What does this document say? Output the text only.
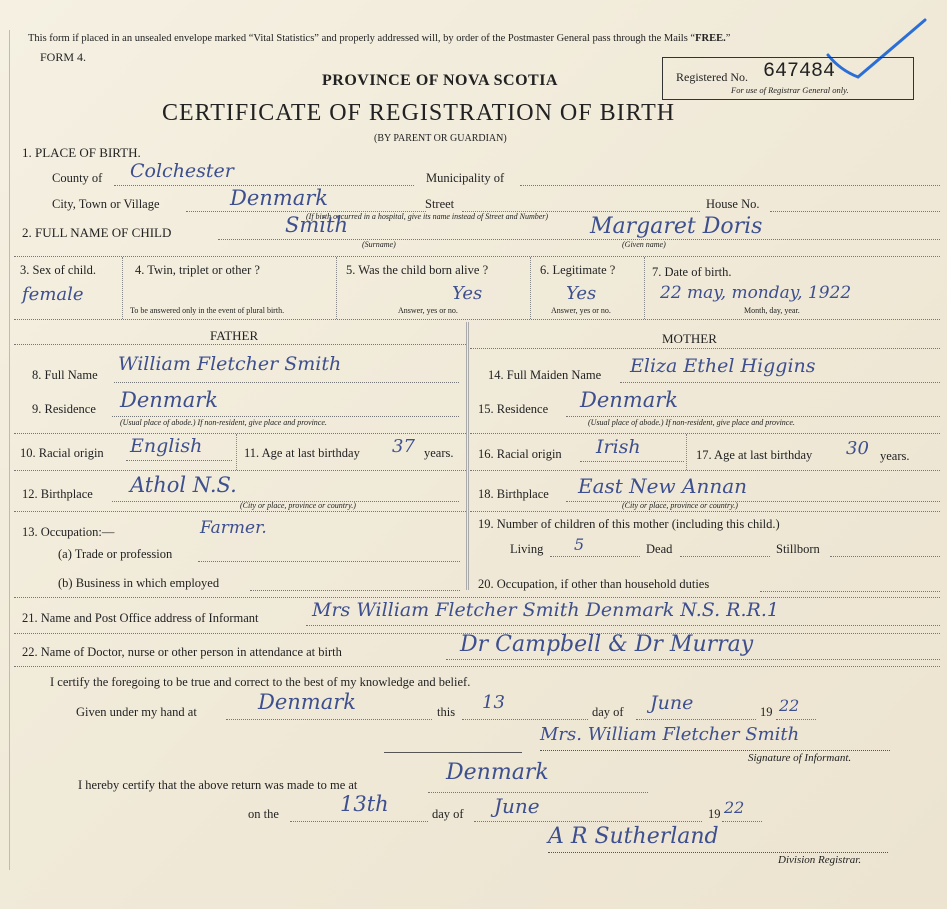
This form if placed in an unsealed envelope marked “Vital Statistics” and properly addressed will, by order of the Postmaster General pass through the Mails “FREE.”
FORM 4.
Registered No. 647484
For use of Registrar General only.
PROVINCE OF NOVA SCOTIA
CERTIFICATE OF REGISTRATION OF BIRTH
(BY PARENT OR GUARDIAN)
1. PLACE OF BIRTH.
County of Colchester	Municipality of
City, Town or Village	Denmark	Street	House No.
(If birth occurred in a hospital, give its name instead of Street and Number)
2. FULL NAME OF CHILD	Smith
(Surname)
Margaret Doris
(Given name)
3. Sex of child.
female
4. Twin, triplet or other ?
To be answered only in the event of plural birth.
5. Was the child born alive ?
Yes
Answer, yes or no.
6. Legitimate ?
Yes
Answer, yes or no.
7. Date of birth.
22 may, monday, 1922
Month, day, year.
FATHER	MOTHER
8. Full Name William Fletcher Smith
9. Residence Denmark
(Usual place of abode.) If non-resident, give place and province.
10. Racial origin English	11. Age at last birthday 37 years.
12. Birthplace Athol N.S.
(City or place, province or country.)
13. Occupation:—	Farmer.
(a) Trade or profession
(b) Business in which employed
14. Full Maiden Name Eliza Ethel Higgins
15. Residence Denmark
(Usual place of abode.) If non-resident, give place and province.
16. Racial origin Irish	17. Age at last birthday 30 years.
18. Birthplace East New Annan
(City or place, province or country.)
19. Number of children of this mother (including this child.)
Living 5	Dead	Stillborn
20. Occupation, if other than household duties
21. Name and Post Office address of Informant	Mrs William Fletcher Smith Denmark N.S. R.R.1
22. Name of Doctor, nurse or other person in attendance at birth	Dr Campbell & Dr Murray
I certify the foregoing to be true and correct to the best of my knowledge and belief.
Given under my hand at	Denmark	this 13	day of June	19 22
Mrs. William Fletcher Smith
Signature of Informant.
I hereby certify that the above return was made to me at	Denmark
on the	13th	day of June	19 22
A R Sutherland
Division Registrar.
